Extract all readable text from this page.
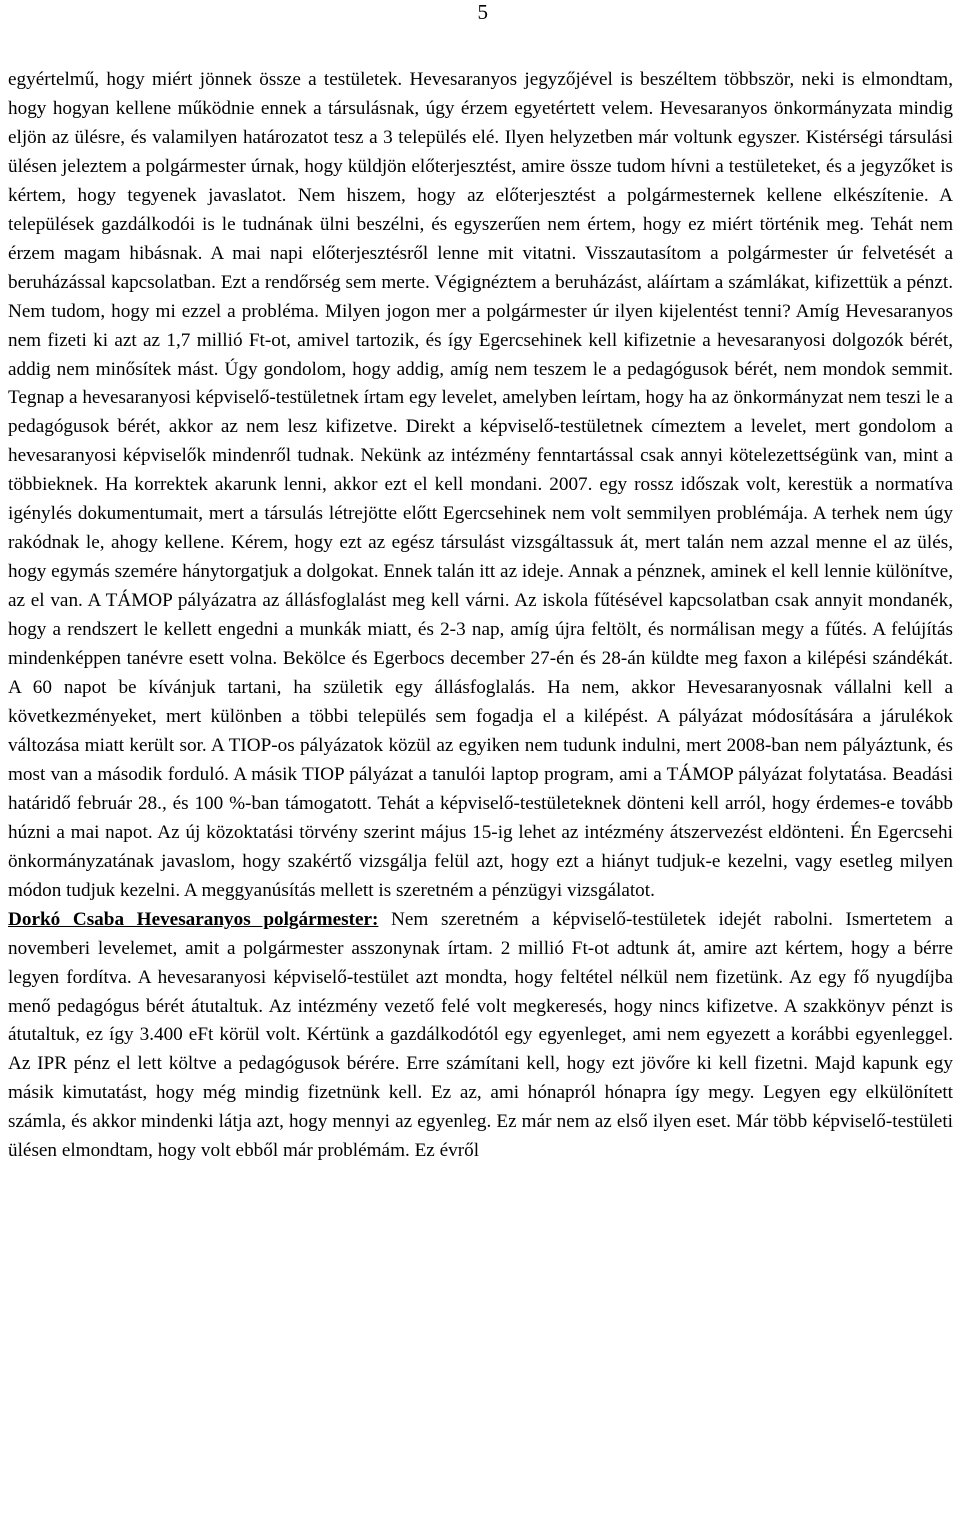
5

egyértelmű, hogy miért jönnek össze a testületek. Hevesaranyos jegyzőjével is beszéltem többször, neki is elmondtam, hogy hogyan kellene működnie ennek a társulásnak, úgy érzem egyetértett velem. Hevesaranyos önkormányzata mindig eljön az ülésre, és valamilyen határozatot tesz a 3 település elé. Ilyen helyzetben már voltunk egyszer. Kistérségi társulási ülésen jeleztem a polgármester úrnak, hogy küldjön előterjesztést, amire össze tudom hívni a testületeket, és a jegyzőket is kértem, hogy tegyenek javaslatot. Nem hiszem, hogy az előterjesztést a polgármesternek kellene elkészítenie. A települések gazdálkodói is le tudnának ülni beszélni, és egyszerűen nem értem, hogy ez miért történik meg. Tehát nem érzem magam hibásnak. A mai napi előterjesztésről lenne mit vitatni. Visszautasítom a polgármester úr felvetését a beruházással kapcsolatban. Ezt a rendőrség sem merte. Végignéztem a beruházást, aláírtam a számlákat, kifizettük a pénzt. Nem tudom, hogy mi ezzel a probléma. Milyen jogon mer a polgármester úr ilyen kijelentést tenni? Amíg Hevesaranyos nem fizeti ki azt az 1,7 millió Ft-ot, amivel tartozik, és így Egercsehinek kell kifizetnie a hevesaranyosi dolgozók bérét, addig nem minősítek mást. Úgy gondolom, hogy addig, amíg nem teszem le a pedagógusok bérét, nem mondok semmit. Tegnap a hevesaranyosi képviselő-testületnek írtam egy levelet, amelyben leírtam, hogy ha az önkormányzat nem teszi le a pedagógusok bérét, akkor az nem lesz kifizetve. Direkt a képviselő-testületnek címeztem a levelet, mert gondolom a hevesaranyosi képviselők mindenről tudnak. Nekünk az intézmény fenntartással csak annyi kötelezettségünk van, mint a többieknek. Ha korrektek akarunk lenni, akkor ezt el kell mondani. 2007. egy rossz időszak volt, kerestük a normatíva igénylés dokumentumait, mert a társulás létrejötte előtt Egercsehinek nem volt semmilyen problémája. A terhek nem úgy rakódnak le, ahogy kellene. Kérem, hogy ezt az egész társulást vizsgáltassuk át, mert talán nem azzal menne el az ülés, hogy egymás szemére hánytorgatjuk a dolgokat. Ennek talán itt az ideje. Annak a pénznek, aminek el kell lennie különítve, az el van. A TÁMOP pályázatra az állásfoglalást meg kell várni. Az iskola fűtésével kapcsolatban csak annyit mondanék, hogy a rendszert le kellett engedni a munkák miatt, és 2-3 nap, amíg újra feltölt, és normálisan megy a fűtés. A felújítás mindenképpen tanévre esett volna. Bekölce és Egerbocs december 27-én és 28-án küldte meg faxon a kilépési szándékát. A 60 napot be kívánjuk tartani, ha születik egy állásfoglalás. Ha nem, akkor Hevesaranyosnak vállalni kell a következményeket, mert különben a többi település sem fogadja el a kilépést. A pályázat módosítására a járulékok változása miatt került sor. A TIOP-os pályázatok közül az egyiken nem tudunk indulni, mert 2008-ban nem pályáztunk, és most van a második forduló. A másik TIOP pályázat a tanulói laptop program, ami a TÁMOP pályázat folytatása. Beadási határidő február 28., és 100 %-ban támogatott. Tehát a képviselő-testületeknek dönteni kell arról, hogy érdemes-e tovább húzni a mai napot. Az új közoktatási törvény szerint május 15-ig lehet az intézmény átszervezést eldönteni. Én Egercsehi önkormányzatának javaslom, hogy szakértő vizsgálja felül azt, hogy ezt a hiányt tudjuk-e kezelni, vagy esetleg milyen módon tudjuk kezelni. A meggyanúsítás mellett is szeretném a pénzügyi vizsgálatot.

Dorkó Csaba Hevesaranyos polgármester: Nem szeretném a képviselő-testületek idejét rabolni. Ismertetem a novemberi levelemet, amit a polgármester asszonynak írtam. 2 millió Ft-ot adtunk át, amire azt kértem, hogy a bérre legyen fordítva. A hevesaranyosi képviselő-testület azt mondta, hogy feltétel nélkül nem fizetünk. Az egy fő nyugdíjba menő pedagógus bérét átutaltuk. Az intézmény vezető felé volt megkeresés, hogy nincs kifizetve. A szakkönyv pénzt is átutaltuk, ez így 3.400 eFt körül volt. Kértünk a gazdálkodótól egy egyenleget, ami nem egyezett a korábbi egyenleggel. Az IPR pénz el lett költve a pedagógusok bérére. Erre számítani kell, hogy ezt jövőre ki kell fizetni. Majd kapunk egy másik kimutatást, hogy még mindig fizetnünk kell. Ez az, ami hónapról hónapra így megy. Legyen egy elkülönített számla, és akkor mindenki látja azt, hogy mennyi az egyenleg. Ez már nem az első ilyen eset. Már több képviselő-testületi ülésen elmondtam, hogy volt ebből már problémám. Ez évről
